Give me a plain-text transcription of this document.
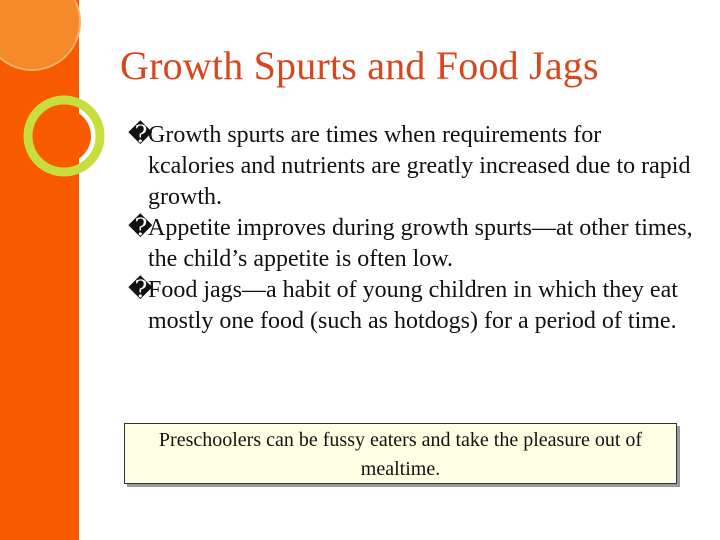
Growth Spurts and Food Jags
�Growth spurts are times when requirements for kcalories and nutrients are greatly increased due to rapid growth.
�Appetite improves during growth spurts—at other times, the child’s appetite is often low.
�Food jags—a habit of young children in which they eat mostly one food (such as hotdogs) for a period of time.
Preschoolers can be fussy eaters and take the pleasure out of mealtime.
